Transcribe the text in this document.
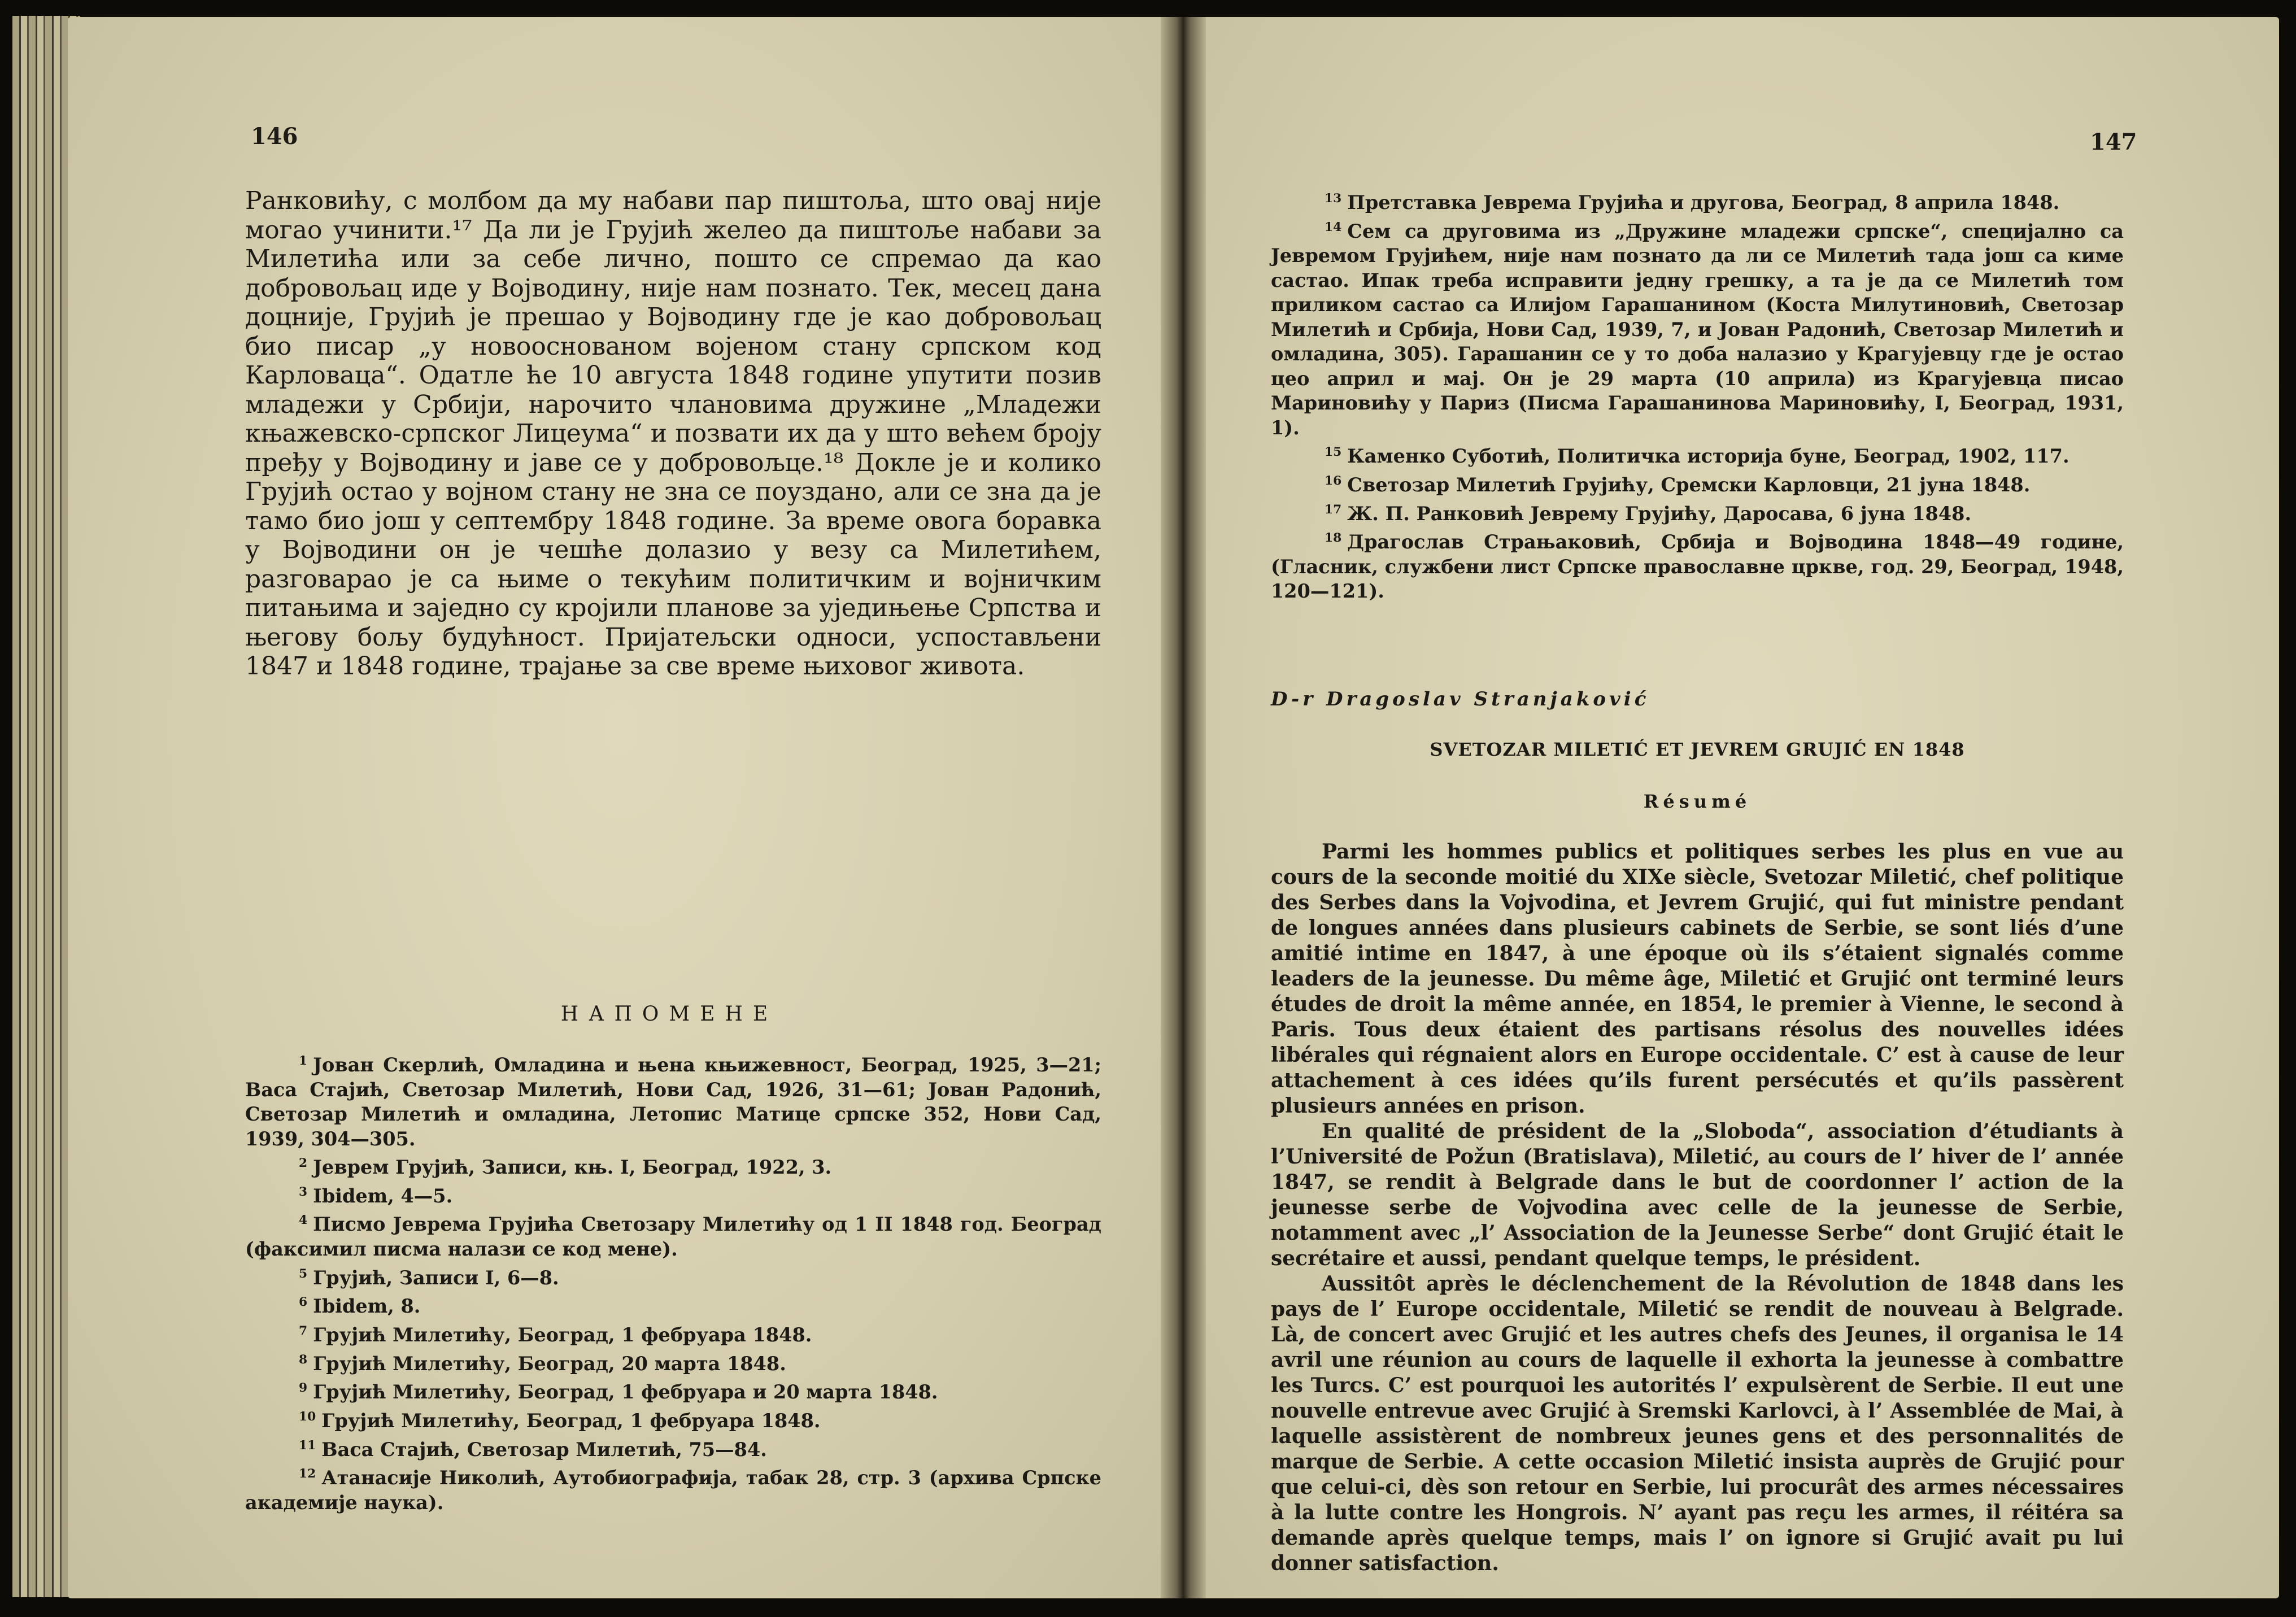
146

Ранковићу, с молбом да му набави пар пиштоља, што овај није могао учинити.¹⁷ Да ли је Грујић желео да пиштоље набави за Милетића или за себе лично, пошто се спремао да као добровољац иде у Војводину, није нам познато. Тек, месец дана доцније, Грујић је прешао у Војводину где је као добровољац био писар „у новоосновaном војеном стану српском код Карловаца“. Одатле ће 10 августа 1848 године упутити позив младежи у Србији, нарочито члановима дружине „Младежи књажевско-српског Лицеума“ и позвати их да у што већем броју пређу у Војводину и јаве се у добровољце.¹⁸ Докле је и колико Грујић остао у војном стану не зна се поуздано, али се зна да је тамо био још у септембру 1848 године. За време овога боравка у Војводини он је чешће долазио у везу са Милетићем, разговарао је са њиме о текућим политичким и војничким питањима и заједно су кројили планове за уједињење Српства и његову бољу будућност. Пријатељски односи, успостављени 1847 и 1848 године, трајање за све време њиховог живота.

НАПОМЕНЕ

$^1$ Јован Скерлић, Омладина и њена књижевност, Београд, 1925, 3—21; Васа Стајић, Светозар Милетић, Нови Сад, 1926, 31—61; Јован Радонић, Светозар Милетић и омладина, Летопис Матице српске 352, Нови Сад, 1939, 304—305.

$^2$ Јеврем Грујић, Записи, књ. I, Београд, 1922, 3.

$^3$ Ibidem, 4—5.

$^4$ Писмо Јеврема Грујића Светозару Милетићу од 1 II 1848 год. Београд (факсимил писма налази се код мене).

$^5$ Грујић, Записи I, 6—8.

$^6$ Ibidem, 8.

$^7$ Грујић Милетићу, Београд, 1 фебруара 1848.

$^8$ Грујић Милетићу, Београд, 20 марта 1848.

$^9$ Грујић Милетићу, Београд, 1 фебруара и 20 марта 1848.

$^{10}$ Грујић Милетићу, Београд, 1 фебруара 1848.

$^{11}$ Васа Стајић, Светозар Милетић, 75—84.

$^{12}$ Атанасије Николић, Аутобиографија, табак 28, стр. 3 (архива Српске академије наука).

147

$^{13}$ Претставка Јеврема Грујића и другова, Београд, 8 априла 1848.

$^{14}$ Сем са друговима из „Дружине младежи српске“, специјално са Јевремом Грујићем, није нам познато да ли се Милетић тада још са киме састао. Ипак треба исправити једну грешку, а та је да се Милетић том приликом састао са Илијом Гарашанином (Коста Милутиновић, Светозар Милетић и Србија, Нови Сад, 1939, 7, и Јован Радонић, Светозар Милетић и омладина, 305). Гарашанин се у то доба налазио у Крагујевцу где је остао цео април и мај. Он је 29 марта (10 априла) из Крагујевца писао Мариновићу у Париз (Писма Гарашанинова Мариновићу, I, Београд, 1931, 1).

$^{15}$ Каменко Суботић, Политичка историја буне, Београд, 1902, 117.

$^{16}$ Светозар Милетић Грујићу, Сремски Карловци, 21 јуна 1848.

$^{17}$ Ж. П. Ранковић Јеврему Грујићу, Даросава, 6 јуна 1848.

$^{18}$ Драгослав Страњаковић, Србија и Војводина 1848—49 године, (Гласник, службени лист Српске православне цркве, год. 29, Београд, 1948, 120—121).

D-r Dragoslav Stranjaković
SVETOZAR MILETIĆ ET JEVREM GRUJIĆ EN 1848
Résumé

Parmi les hommes publics et politiques serbes les plus en vue au cours de la seconde moitié du XIXe siècle, Svetozar Miletić, chef politique des Serbes dans la Vojvodina, et Jevrem Grujić, qui fut ministre pendant de longues années dans plusieurs cabinets de Serbie, se sont liés d’une amitié intime en 1847, à une époque où ils s’étaient signalés comme leaders de la jeunesse. Du même âge, Miletić et Grujić ont terminé leurs études de droit la même année, en 1854, le premier à Vienne, le second à Paris. Tous deux étaient des partisans résolus des nouvelles idées libérales qui régnaient alors en Europe occidentale. C’ est à cause de leur attachement à ces idées qu’ils furent persécutés et qu’ils passèrent plusieurs années en prison.

En qualité de président de la „Sloboda“, association d’étudiants à l’Université de Požun (Bratislava), Miletić, au cours de l’ hiver de l’ année 1847, se rendit à Belgrade dans le but de coordonner l’ action de la jeunesse serbe de Vojvodina avec celle de la jeunesse de Serbie, notamment avec „l’ Association de la Jeunesse Serbe“ dont Grujić était le secrétaire et aussi, pendant quelque temps, le président.

Aussitôt après le déclenchement de la Révolution de 1848 dans les pays de l’ Europe occidentale, Miletić se rendit de nouveau à Belgrade. Là, de concert avec Grujić et les autres chefs des Jeunes, il organisa le 14 avril une réunion au cours de laquelle il exhorta la jeunesse à combattre les Turcs. C’ est pourquoi les autorités l’ expulsèrent de Serbie. Il eut une nouvelle entrevue avec Grujić à Sremski Karlovci, à l’ Assemblée de Mai, à laquelle assistèrent de nombreux jeunes gens et des personnalités de marque de Serbie. A cette occasion Miletić insista auprès de Grujić pour que celui-ci, dès son retour en Serbie, lui procurât des armes nécessaires à la lutte contre les Hongrois. N’ ayant pas reçu les armes, il réitéra sa demande après quelque temps, mais l’ on ignore si Grujić avait pu lui donner satisfaction.
